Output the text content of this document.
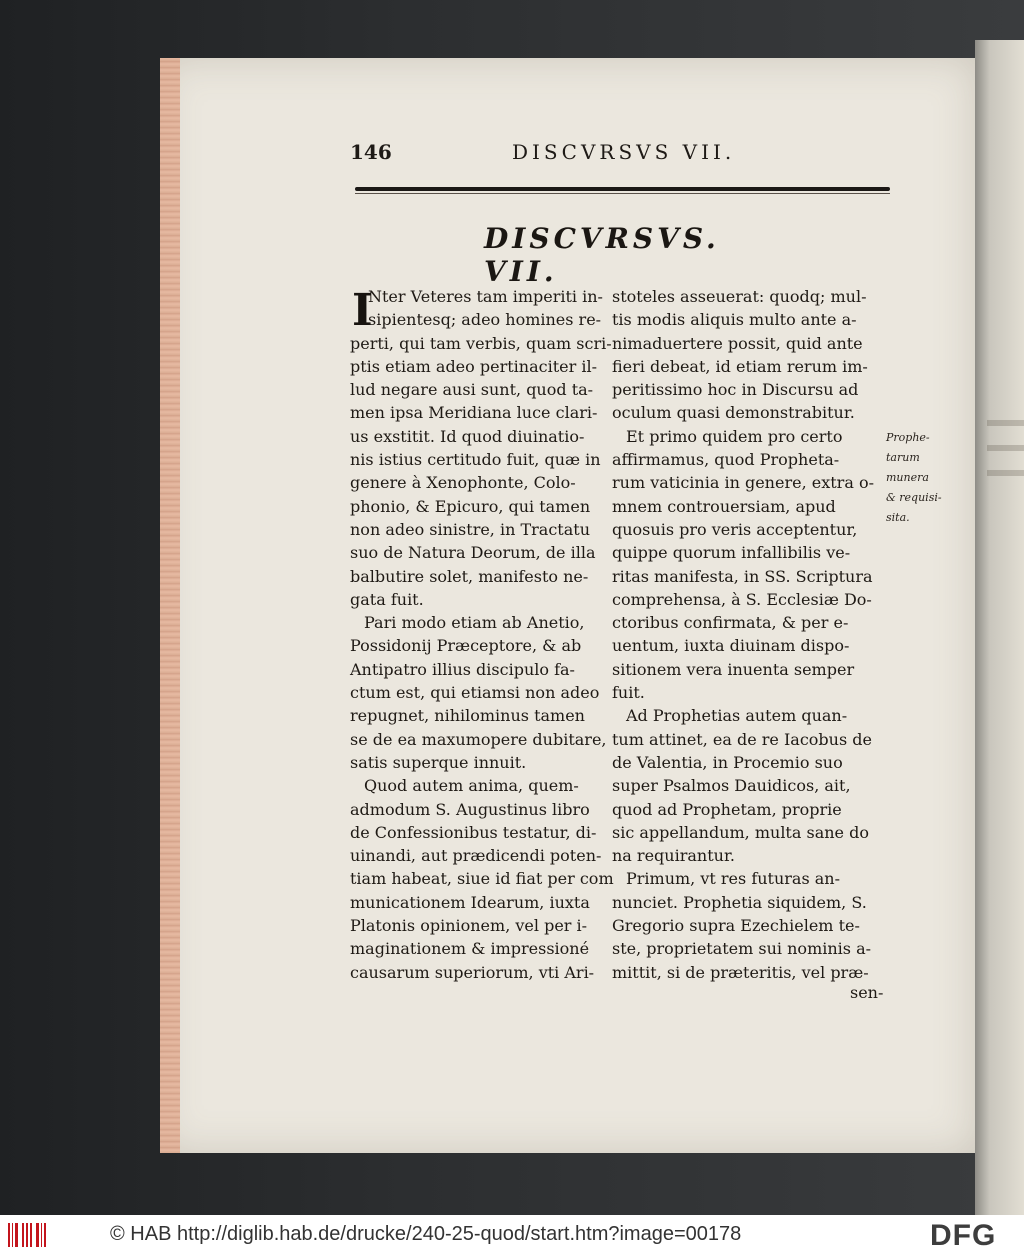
146	DISCVRSVS VII.
DISCVRSVS. VII.
I
Nter Veteres tam imperiti in-
sipientesq; adeo homines re-
perti, qui tam verbis, quam scri-
ptis etiam adeo pertinaciter il-
lud negare ausi sunt, quod ta-
men ipsa Meridiana luce clari-
us exstitit. Id quod diuinatio-
nis istius certitudo fuit, quæ in
genere à Xenophonte, Colo-
phonio, & Epicuro, qui tamen
non adeo sinistre, in Tractatu
suo de Natura Deorum, de illa
balbutire solet, manifesto ne-
gata fuit.
Pari modo etiam ab Anetio,
Possidonij Præceptore, & ab
Antipatro illius discipulo fa-
ctum est, qui etiamsi non adeo
repugnet, nihilominus tamen
se de ea maxumopere dubitare,
satis superque innuit.
Quod autem anima, quem-
admodum S. Augustinus libro
de Confessionibus testatur, di-
uinandi, aut prædicendi poten-
tiam habeat, siue id fiat per com
municationem Idearum, iuxta
Platonis opinionem, vel per i-
maginationem & impressioné
causarum superiorum, vti Ari-
stoteles asseuerat: quodq; mul-
tis modis aliquis multo ante a-
nimaduertere possit, quid ante
fieri debeat, id etiam rerum im-
peritissimo hoc in Discursu ad
oculum quasi demonstrabitur.
Et primo quidem pro certo
affirmamus, quod Propheta-
rum vaticinia in genere, extra o-
mnem controuersiam, apud
quosuis pro veris acceptentur,
quippe quorum infallibilis ve-
ritas manifesta, in SS. Scriptura
comprehensa, à S. Ecclesiæ Do-
ctoribus confirmata, & per e-
uentum, iuxta diuinam dispo-
sitionem vera inuenta semper
fuit.
Ad Prophetias autem quan-
tum attinet, ea de re Iacobus de
de Valentia, in Procemio suo
super Psalmos Dauidicos, ait,
quod ad Prophetam, proprie
sic appellandum, multa sane do
na requirantur.
Primum, vt res futuras an-
nunciet. Prophetia siquidem, S.
Gregorio supra Ezechielem te-
ste, proprietatem sui nominis a-
mittit, si de præteritis, vel præ-
Prophe-
tarum
munera
& requisi-
sita.
sen-
© HAB http://diglib.hab.de/drucke/240-25-quod/start.htm?image=00178	DFG
